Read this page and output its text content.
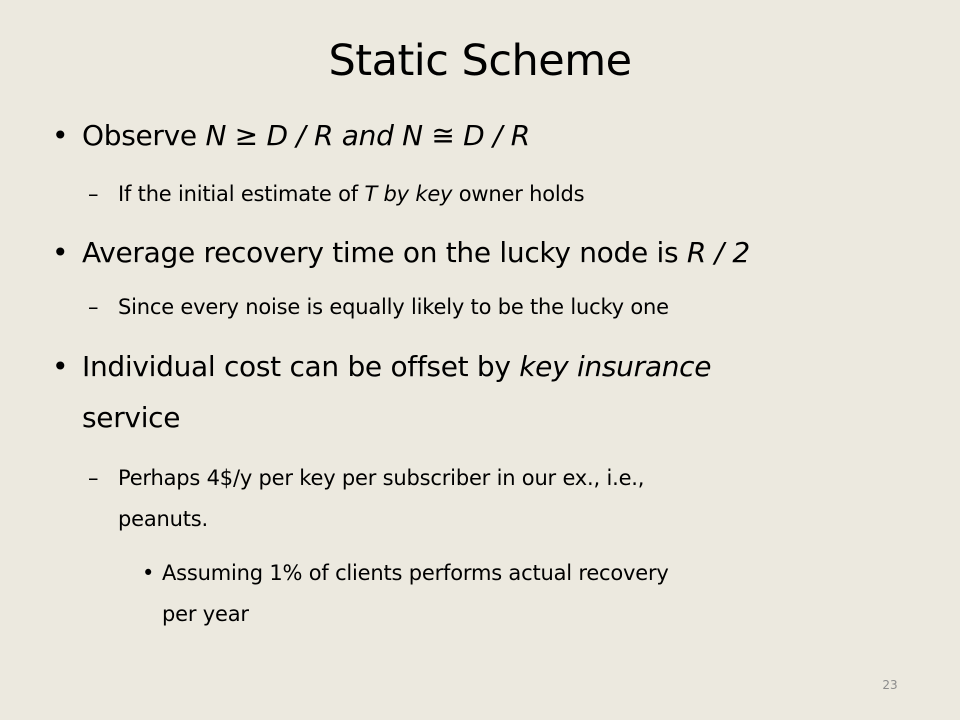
Static Scheme
• Observe N ≥ D / R and N ≅ D / R
– If the initial estimate of T by key owner holds
• Average recovery time on the lucky node is R / 2
– Since every noise is equally likely to be the lucky one
• Individual cost can be offset by key insurance
service
– Perhaps 4$/y per key per subscriber in our ex., i.e.,
peanuts.
• Assuming 1% of clients performs actual recovery
per year
23
